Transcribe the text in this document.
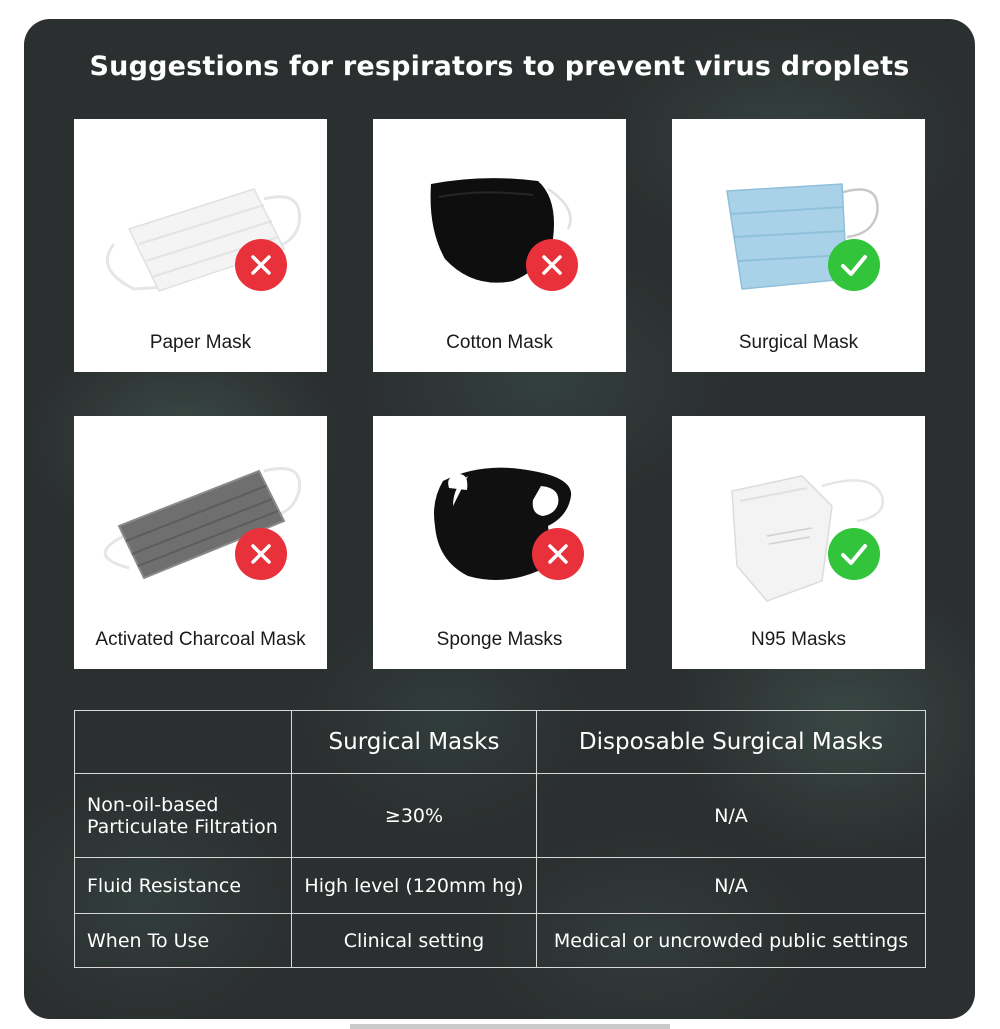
Suggestions for respirators to prevent virus droplets
Paper Mask	Cotton Mask	Surgical Mask
Activated Charcoal Mask	Sponge Masks	N95 Masks
	Surgical Masks	Disposable Surgical Masks
Non-oil-based Particulate Filtration	≥30%	N/A
Fluid Resistance	High level (120mm hg)	N/A
When To Use	Clinical setting	Medical or uncrowded public settings
